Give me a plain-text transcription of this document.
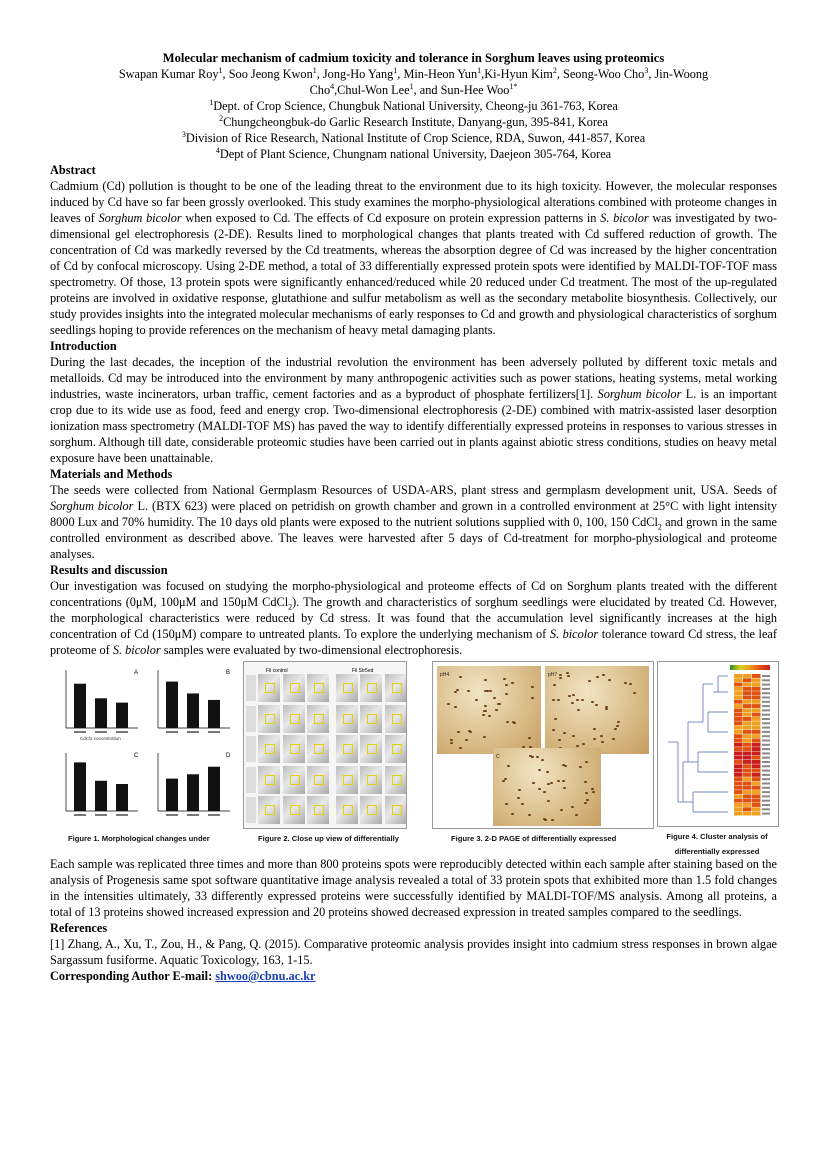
Molecular mechanism of cadmium toxicity and tolerance in Sorghum leaves using proteomics
Swapan Kumar Roy$^1$, Soo Jeong Kwon$^1$, Jong-Ho Yang$^1$, Min-Heon Yun$^1$,Ki-Hyun Kim$^2$, Seong-Woo Cho$^3$, Jin-Woong
Cho$^4$,Chul-Won Lee$^1$, and Sun-Hee Woo$^{1*}$
$^1$Dept. of Crop Science, Chungbuk National University, Cheong-ju 361-763, Korea
$^2$Chungcheongbuk-do Garlic Research Institute, Danyang-gun, 395-841, Korea
$^3$Division of Rice Research, National Institute of Crop Science, RDA, Suwon, 441-857, Korea
$^4$Dept of Plant Science, Chungnam national University, Daejeon 305-764, Korea
Abstract
Cadmium (Cd) pollution is thought to be one of the leading threat to the environment due to its high toxicity. However, the molecular responses induced by Cd have so far been grossly overlooked. This study examines the morpho-physiological alterations combined with proteome changes in leaves of Sorghum bicolor when exposed to Cd. The effects of Cd exposure on protein expression patterns in S. bicolor was investigated by two-dimensional gel electrophoresis (2-DE). Results lined to morphological changes that plants treated with Cd suffered reduction of growth. The concentration of Cd was markedly reversed by the Cd treatments, whereas the absorption degree of Cd was increased by the higher concentration of Cd by confocal microscopy. Using 2-DE method, a total of 33 differentially expressed protein spots were identified by MALDI-TOF-TOF mass spectrometry. Of those, 13 protein spots were significantly enhanced/reduced while 20 reduced under Cd treatment. The most of the up-regulated proteins are involved in oxidative response, glutathione and sulfur metabolism as well as the secondary metabolite biosynthesis. Collectively, our study provides insights into the integrated molecular mechanisms of early responses to Cd and growth and physiological characteristics of sorghum seedlings hoping to provide references on the mechanism of heavy metal damaging plants.
Introduction
During the last decades, the inception of the industrial revolution the environment has been adversely polluted by different toxic metals and metalloids. Cd may be introduced into the environment by many anthropogenic activities such as power stations, heating systems, metal working industries, waste incinerators, urban traffic, cement factories and as a byproduct of phosphate fertilizers[1]. Sorghum bicolor L. is an important crop due to its wide use as food, feed and energy crop. Two-dimensional electrophoresis (2-DE) combined with matrix-assisted laser desorption ionization mass spectrometry (MALDI-TOF MS) has paved the way to identify differentially expressed proteins in responses to various stresses in sorghum. Although till date, considerable proteomic studies have been carried out in plants against abiotic stress conditions, studies on heavy metal exposure have been unattainable.
Materials and Methods
The seeds were collected from National Germplasm Resources of USDA-ARS, plant stress and germplasm development unit, USA. Seeds of Sorghum bicolor L. (BTX 623) were placed on petridish on growth chamber and grown in a controlled environment at 25°C with light intensity 8000 Lux and 70% humidity. The 10 days old plants were exposed to the nutrient solutions supplied with 0, 100, 150 CdCl$_2$ and grown in the same controlled environment as described above. The leaves were harvested after 5 days of Cd-treatment for morpho-physiological and proteome analyses.
Results and discussion
Our investigation was focused on studying the morpho-physiological and proteome effects of Cd on Sorghum plants treated with the different concentrations (0μM, 100μM and 150μM CdCl$_2$). The growth and characteristics of sorghum seedlings were elucidated by treated Cd. However, the morphological characteristics were reduced by Cd stress. It was found that the accumulation level significantly increases at the high concentration of Cd (150μM) compare to untreated plants. To explore the underlying mechanism of S. bicolor tolerance toward Cd stress, the leaf proteome of S. bicolor samples were evaluated by two-dimensional electrophoresis.
A	B
C	D
CdCl2 concentration
Figure 1. Morphological changes under
Fil control	Fil Str5ed
Figure 2. Close up view of differentially
pH4	pH7
C
Figure 3. 2-D PAGE of differentially expressed	Figure 4. Cluster analysis of differentially expressed
Each sample was replicated three times and more than 800 proteins spots were reproducibly detected within each sample after staining based on the analysis of Progenesis same spot software quantitative image analysis revealed a total of 33 protein spots that exhibited more than 1.5 fold changes in the intensities ultimately, 33 differently expressed proteins were successfully identified by MALDI-TOF/MS analysis. Among all proteins, a total of 13 proteins showed increased expression and 20 proteins showed decreased expression in treated samples compared to the seedlings.
References
[1] Zhang, A., Xu, T., Zou, H., & Pang, Q. (2015). Comparative proteomic analysis provides insight into cadmium stress responses in brown algae Sargassum fusiforme. Aquatic Toxicology, 163, 1-15.
Corresponding Author E-mail: shwoo@cbnu.ac.kr
